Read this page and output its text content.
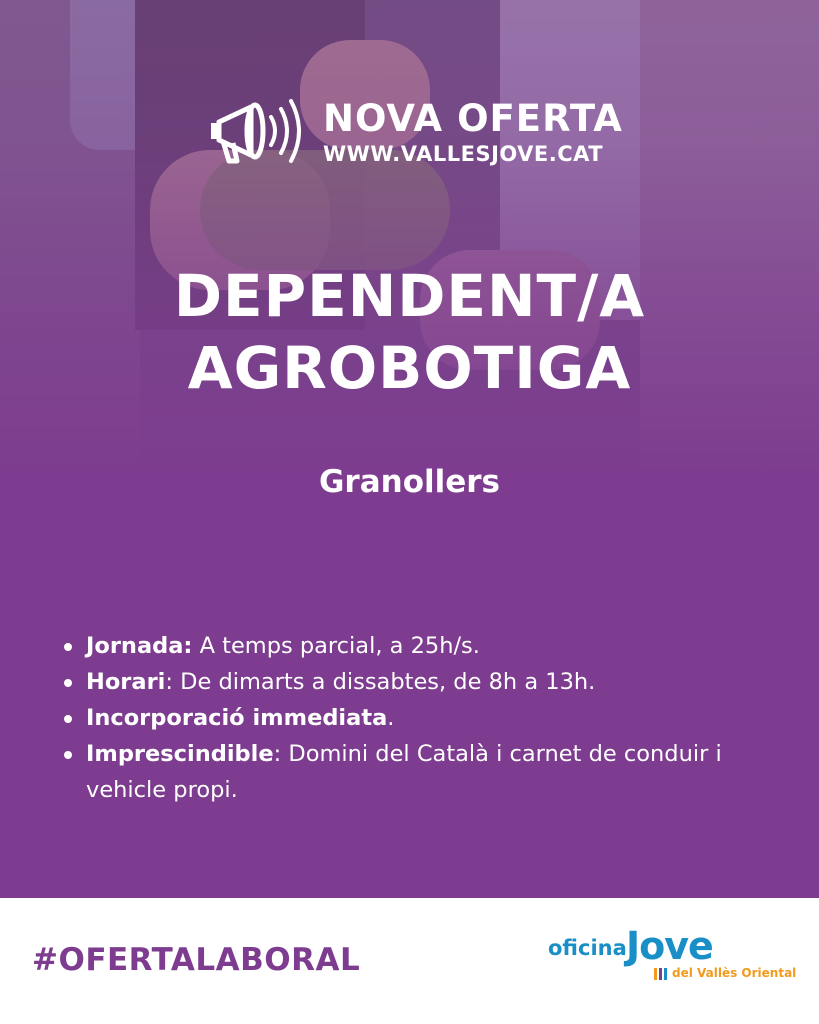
NOVA OFERTA
WWW.VALLESJOVE.CAT
DEPENDENT/A
AGROBOTIGA
Granollers
Jornada: A temps parcial, a 25h/s.
Horari: De dimarts a dissabtes, de 8h a 13h.
Incorporació immediata.
Imprescindible: Domini del Català i carnet de conduir i vehicle propi.
#OFERTALABORAL	oficina Jove
del Vallès Oriental
